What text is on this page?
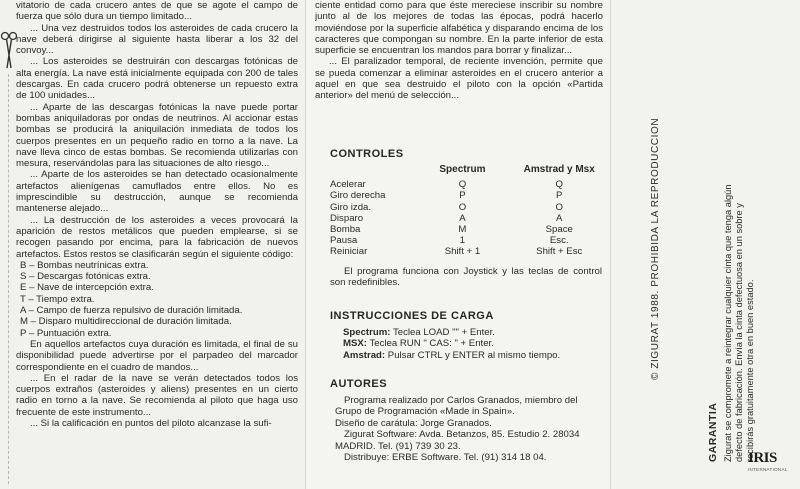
vitatorio de cada crucero antes de que se agote el campo de fuerza que sólo dura un tiempo limitado...

... Una vez destruidos todos los asteroides de cada crucero la nave deberá dirigirse al siguiente hasta liberar a los 32 del convoy...

... Los asteroides se destruirán con descargas fotónicas de alta energía. La nave está inicialmente equipada con 200 de tales descargas. En cada crucero podrá obtenerse un repuesto extra de 100 unidades...

... Aparte de las descargas fotónicas la nave puede portar bombas aniquiladoras por ondas de neutrinos. Al accionar estas bombas se producirá la aniquilación inmediata de todos los cuerpos presentes en un pequeño radio en torno a la nave. La nave lleva cinco de estas bombas. Se recomienda utilizarlas con mesura, reservándolas para las situaciones de alto riesgo...

... Aparte de los asteroides se han detectado ocasionalmente artefactos alienígenas camuflados entre ellos. No es imprescindible su destrucción, aunque se recomienda mantenerse alejado...

... La destrucción de los asteroides a veces provocará la aparición de restos metálicos que pueden emplearse, si se recogen pasando por encima, para la fabricación de nuevos artefactos. Estos restos se clasificarán según el siguiente código:

B – Bombas neutrínicas extra.

S – Descargas fotónicas extra.

E – Nave de intercepción extra.

T – Tiempo extra.

A – Campo de fuerza repulsivo de duración limitada.

M – Disparo multidireccional de duración limitada.

P – Puntuación extra.

En aquellos artefactos cuya duración es limitada, el final de su disponibilidad puede advertirse por el parpadeo del marcador correspondiente en el cuadro de mandos...

... En el radar de la nave se verán detectados todos los cuerpos extraños (asteroides y aliens) presentes en un cierto radio en torno a la nave. Se recomienda al piloto que haga uso frecuente de este instrumento...

... Si la calificación en puntos del piloto alcanzase la sufi-

ciente entidad como para que éste mereciese inscribir su nombre junto al de los mejores de todas las épocas, podrá hacerlo moviéndose por la superficie alfabética y disparando encima de los caracteres que compongan su nombre. En la parte inferior de esta superficie se encuentran los mandos para borrar y finalizar...

... El paralizador temporal, de reciente invención, permite que se pueda comenzar a eliminar asteroides en el crucero anterior a aquel en que sea destruido el piloto con la opción «Partida anterior» del menú de selección...

CONTROLES
	Spectrum	Amstrad y Msx
Acelerar	Q	Q
Giro derecha	P	P
Giro izda.	O	O
Disparo	A	A
Bomba	M	Space
Pausa	1	Esc.
Reiniciar	Shift + 1	Shift + Esc

El programa funciona con Joystick y las teclas de control son redefinibles.

INSTRUCCIONES DE CARGA
Spectrum: Teclea LOAD "" + Enter.
MSX: Teclea RUN " CAS: " + Enter.
Amstrad: Pulsar CTRL y ENTER al mismo tiempo.
AUTORES
Programa realizado por Carlos Granados, miembro del
Grupo de Programación «Made in Spain».
Diseño de carátula: Jorge Granados.
Zigurat Software: Avda. Betanzos, 85. Estudio 2. 28034
MADRID. Tel. (91) 739 30 23.
Distribuye: ERBE Software. Tel. (91) 314 18 04.
© ZIGURAT 1988. PROHIBIDA LA REPRODUCCION
GARANTIA Zigurat se compromete a reintegrar cualquier cinta que tenga algún defecto de fabricación. Envía la cinta defectuosa en un sobre y recibirás gratuitamente otra en buen estado.

IRIS
INTERNATIONAL
